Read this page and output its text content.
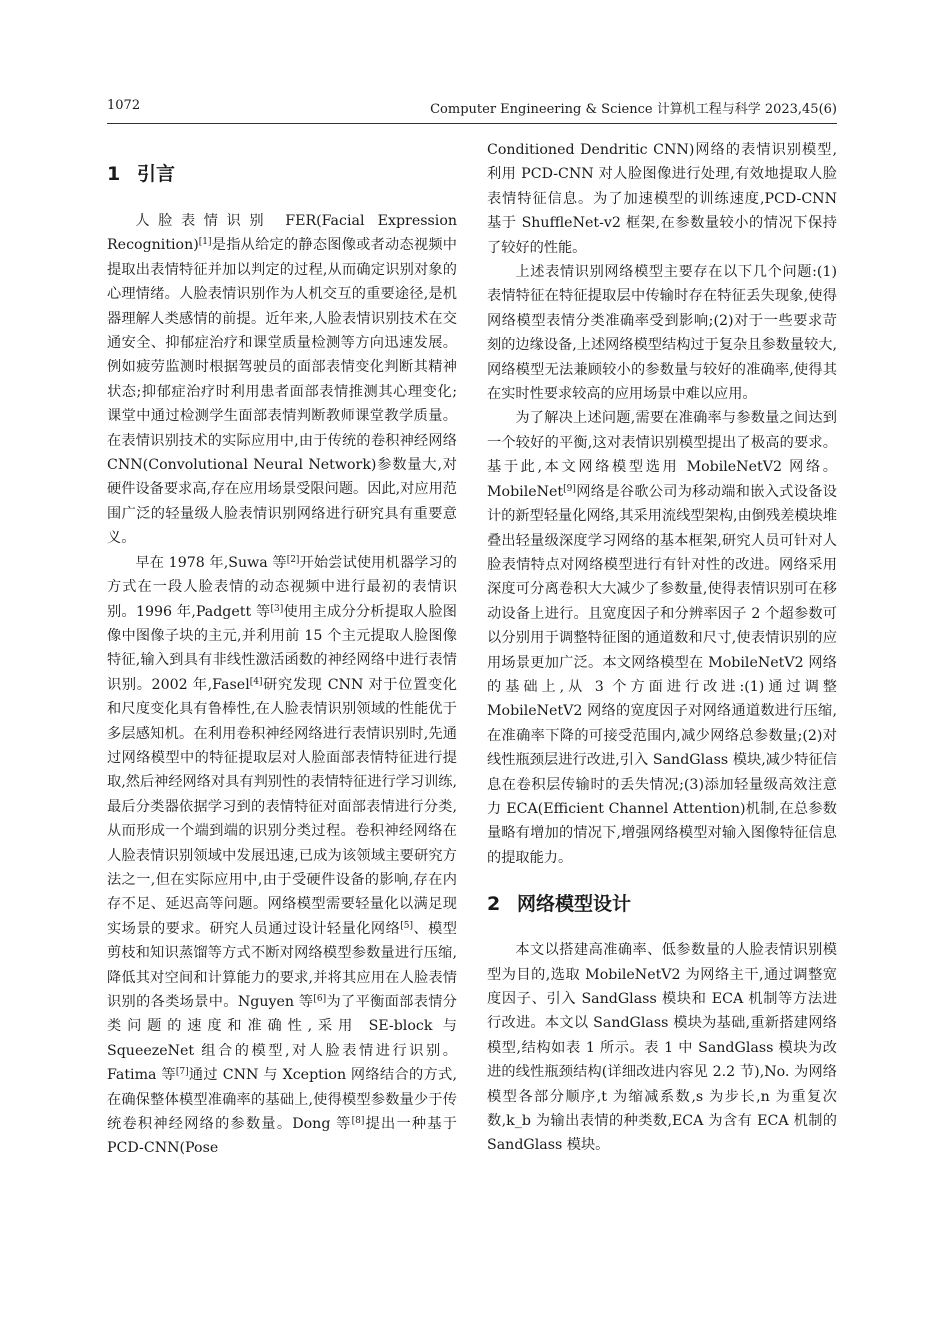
1072	Computer Engineering & Science 计算机工程与科学 2023,45(6)
1 引言

人脸表情识别 FER(Facial Expression Recognition)[1]是指从给定的静态图像或者动态视频中提取出表情特征并加以判定的过程,从而确定识别对象的心理情绪。人脸表情识别作为人机交互的重要途径,是机器理解人类感情的前提。近年来,人脸表情识别技术在交通安全、抑郁症治疗和课堂质量检测等方向迅速发展。例如疲劳监测时根据驾驶员的面部表情变化判断其精神状态;抑郁症治疗时利用患者面部表情推测其心理变化;课堂中通过检测学生面部表情判断教师课堂教学质量。在表情识别技术的实际应用中,由于传统的卷积神经网络 CNN(Convolutional Neural Network)参数量大,对硬件设备要求高,存在应用场景受限问题。因此,对应用范围广泛的轻量级人脸表情识别网络进行研究具有重要意义。

早在 1978 年,Suwa 等[2]开始尝试使用机器学习的方式在一段人脸表情的动态视频中进行最初的表情识别。1996 年,Padgett 等[3]使用主成分分析提取人脸图像中图像子块的主元,并利用前 15 个主元提取人脸图像特征,输入到具有非线性激活函数的神经网络中进行表情识别。2002 年,Fasel[4]研究发现 CNN 对于位置变化和尺度变化具有鲁棒性,在人脸表情识别领域的性能优于多层感知机。在利用卷积神经网络进行表情识别时,先通过网络模型中的特征提取层对人脸面部表情特征进行提取,然后神经网络对具有判别性的表情特征进行学习训练,最后分类器依据学习到的表情特征对面部表情进行分类,从而形成一个端到端的识别分类过程。卷积神经网络在人脸表情识别领域中发展迅速,已成为该领域主要研究方法之一,但在实际应用中,由于受硬件设备的影响,存在内存不足、延迟高等问题。网络模型需要轻量化以满足现实场景的要求。研究人员通过设计轻量化网络[5]、模型剪枝和知识蒸馏等方式不断对网络模型参数量进行压缩,降低其对空间和计算能力的要求,并将其应用在人脸表情识别的各类场景中。Nguyen 等[6]为了平衡面部表情分类问题的速度和准确性,采用 SE-block 与 SqueezeNet 组合的模型,对人脸表情进行识别。Fatima 等[7]通过 CNN 与 Xception 网络结合的方式,在确保整体模型准确率的基础上,使得模型参数量少于传统卷积神经网络的参数量。Dong 等[8]提出一种基于 PCD-CNN(Pose

Conditioned Dendritic CNN)网络的表情识别模型,利用 PCD-CNN 对人脸图像进行处理,有效地提取人脸表情特征信息。为了加速模型的训练速度,PCD-CNN 基于 ShuffleNet-v2 框架,在参数量较小的情况下保持了较好的性能。

上述表情识别网络模型主要存在以下几个问题:(1)表情特征在特征提取层中传输时存在特征丢失现象,使得网络模型表情分类准确率受到影响;(2)对于一些要求苛刻的边缘设备,上述网络模型结构过于复杂且参数量较大,网络模型无法兼顾较小的参数量与较好的准确率,使得其在实时性要求较高的应用场景中难以应用。

为了解决上述问题,需要在准确率与参数量之间达到一个较好的平衡,这对表情识别模型提出了极高的要求。基于此,本文网络模型选用 MobileNetV2 网络。MobileNet[9]网络是谷歌公司为移动端和嵌入式设备设计的新型轻量化网络,其采用流线型架构,由倒残差模块堆叠出轻量级深度学习网络的基本框架,研究人员可针对人脸表情特点对网络模型进行有针对性的改进。网络采用深度可分离卷积大大减少了参数量,使得表情识别可在移动设备上进行。且宽度因子和分辨率因子 2 个超参数可以分别用于调整特征图的通道数和尺寸,使表情识别的应用场景更加广泛。本文网络模型在 MobileNetV2 网络的基础上,从 3 个方面进行改进:(1)通过调整 MobileNetV2 网络的宽度因子对网络通道数进行压缩,在准确率下降的可接受范围内,减少网络总参数量;(2)对线性瓶颈层进行改进,引入 SandGlass 模块,减少特征信息在卷积层传输时的丢失情况;(3)添加轻量级高效注意力 ECA(Efficient Channel Attention)机制,在总参数量略有增加的情况下,增强网络模型对输入图像特征信息的提取能力。

2 网络模型设计

本文以搭建高准确率、低参数量的人脸表情识别模型为目的,选取 MobileNetV2 为网络主干,通过调整宽度因子、引入 SandGlass 模块和 ECA 机制等方法进行改进。本文以 SandGlass 模块为基础,重新搭建网络模型,结构如表 1 所示。表 1 中 SandGlass 模块为改进的线性瓶颈结构(详细改进内容见 2.2 节),No. 为网络模型各部分顺序,t 为缩减系数,s 为步长,n 为重复次数,k_b 为输出表情的种类数,ECA 为含有 ECA 机制的 SandGlass 模块。
